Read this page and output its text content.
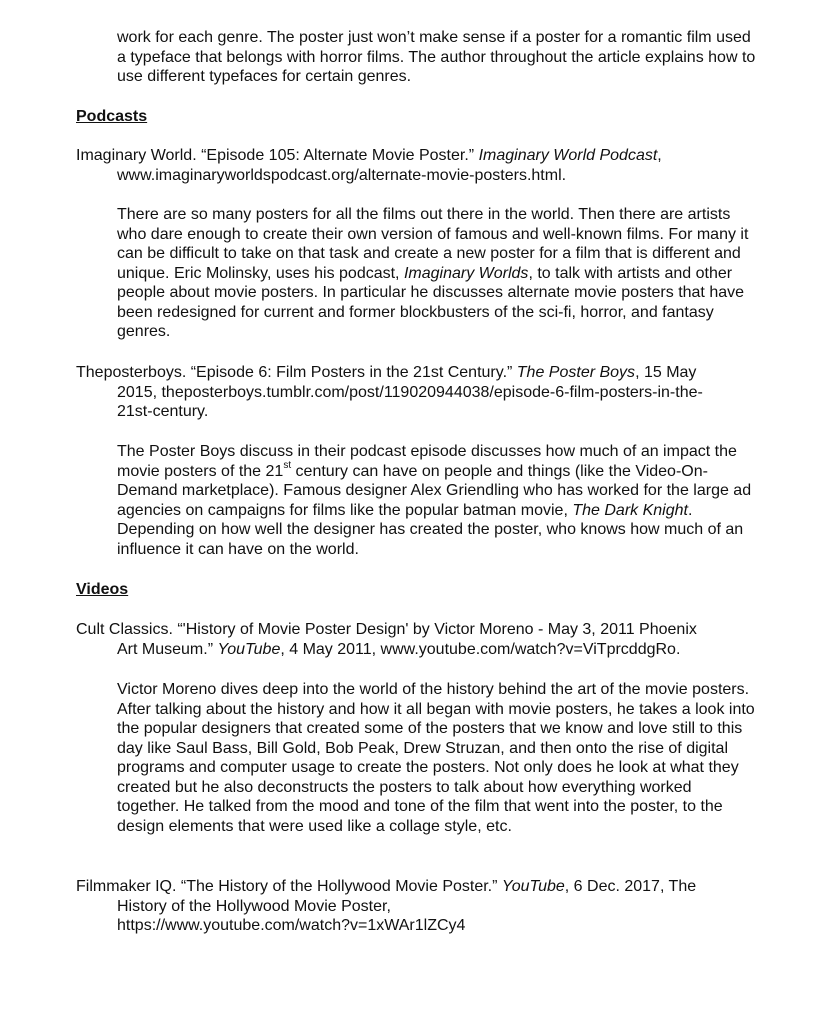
work for each genre. The poster just won’t make sense if a poster for a romantic film used a typeface that belongs with horror films. The author throughout the article explains how to use different typefaces for certain genres.

Podcasts
Imaginary World. “Episode 105: Alternate Movie Poster.” Imaginary World Podcast,
www.imaginaryworldspodcast.org/alternate-movie-posters.html.

There are so many posters for all the films out there in the world. Then there are artists who dare enough to create their own version of famous and well-known films. For many it can be difficult to take on that task and create a new poster for a film that is different and unique. Eric Molinsky, uses his podcast, Imaginary Worlds, to talk with artists and other people about movie posters. In particular he discusses alternate movie posters that have been redesigned for current and former blockbusters of the sci-fi, horror, and fantasy genres.

Theposterboys. “Episode 6: Film Posters in the 21st Century.” The Poster Boys, 15 May
2015, theposterboys.tumblr.com/post/119020944038/episode-6-film-posters-in-the-21st-century.

The Poster Boys discuss in their podcast episode discusses how much of an impact the movie posters of the 21st century can have on people and things (like the Video-On-Demand marketplace). Famous designer Alex Griendling who has worked for the large ad agencies on campaigns for films like the popular batman movie, The Dark Knight. Depending on how well the designer has created the poster, who knows how much of an influence it can have on the world.

Videos
Cult Classics. “'History of Movie Poster Design' by Victor Moreno - May 3, 2011 Phoenix
Art Museum.” YouTube, 4 May 2011, www.youtube.com/watch?v=ViTprcddgRo.

Victor Moreno dives deep into the world of the history behind the art of the movie posters. After talking about the history and how it all began with movie posters, he takes a look into the popular designers that created some of the posters that we know and love still to this day like Saul Bass, Bill Gold, Bob Peak, Drew Struzan, and then onto the rise of digital programs and computer usage to create the posters. Not only does he look at what they created but he also deconstructs the posters to talk about how everything worked together. He talked from the mood and tone of the film that went into the poster, to the design elements that were used like a collage style, etc.

Filmmaker IQ. “The History of the Hollywood Movie Poster.” YouTube, 6 Dec. 2017, The
History of the Hollywood Movie Poster,
https://www.youtube.com/watch?v=1xWAr1lZCy4
